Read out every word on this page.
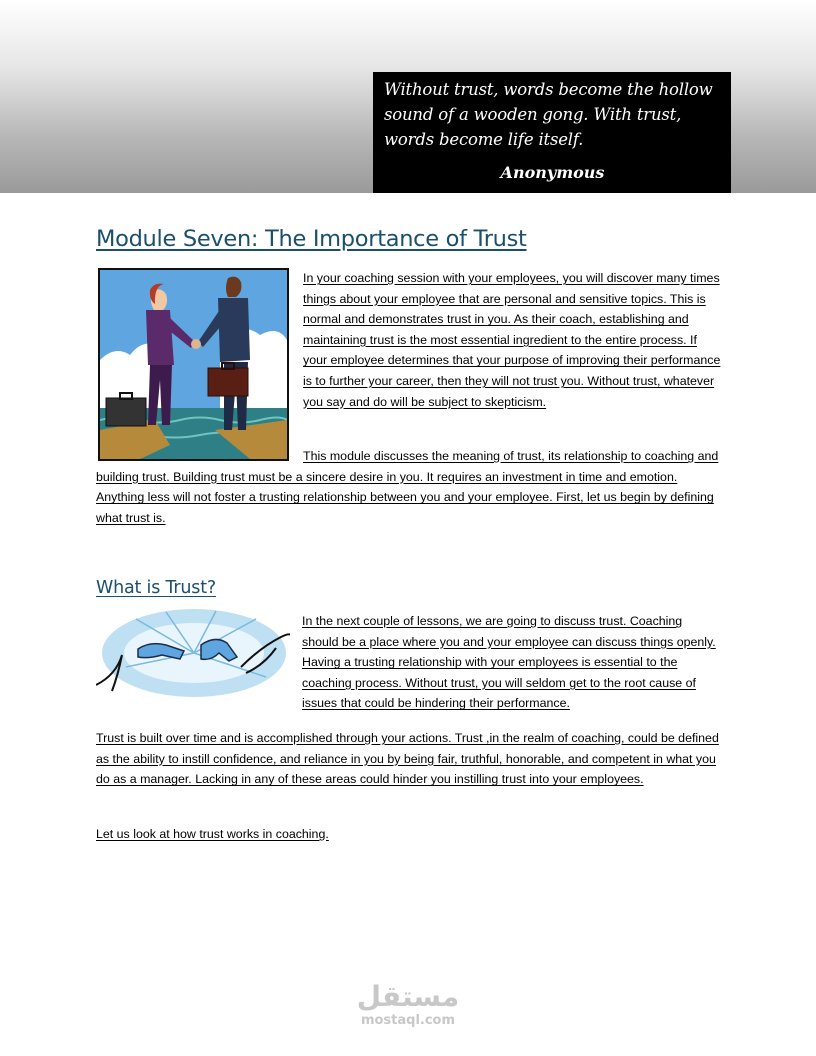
Without trust, words become the hollow sound of a wooden gong. With trust, words become life itself.
Anonymous
Module Seven: The Importance of Trust

In your coaching session with your employees, you will discover many times things about your employee that are personal and sensitive topics. This is normal and demonstrates trust in you. As their coach, establishing and maintaining trust is the most essential ingredient to the entire process. If your employee determines that your purpose of improving their performance is to further your career, then they will not trust you. Without trust, whatever you say and do will be subject to skepticism.

This module discusses the meaning of trust, its relationship to coaching and building trust. Building trust must be a sincere desire in you. It requires an investment in time and emotion. Anything less will not foster a trusting relationship between you and your employee. First, let us begin by defining what trust is.

What is Trust?

In the next couple of lessons, we are going to discuss trust. Coaching should be a place where you and your employee can discuss things openly. Having a trusting relationship with your employees is essential to the coaching process. Without trust, you will seldom get to the root cause of issues that could be hindering their performance.

Trust is built over time and is accomplished through your actions. Trust ,in the realm of coaching, could be defined as the ability to instill confidence, and reliance in you by being fair, truthful, honorable, and competent in what you do as a manager. Lacking in any of these areas could hinder you instilling trust into your employees.

Let us look at how trust works in coaching.

مستقل
mostaql.com
